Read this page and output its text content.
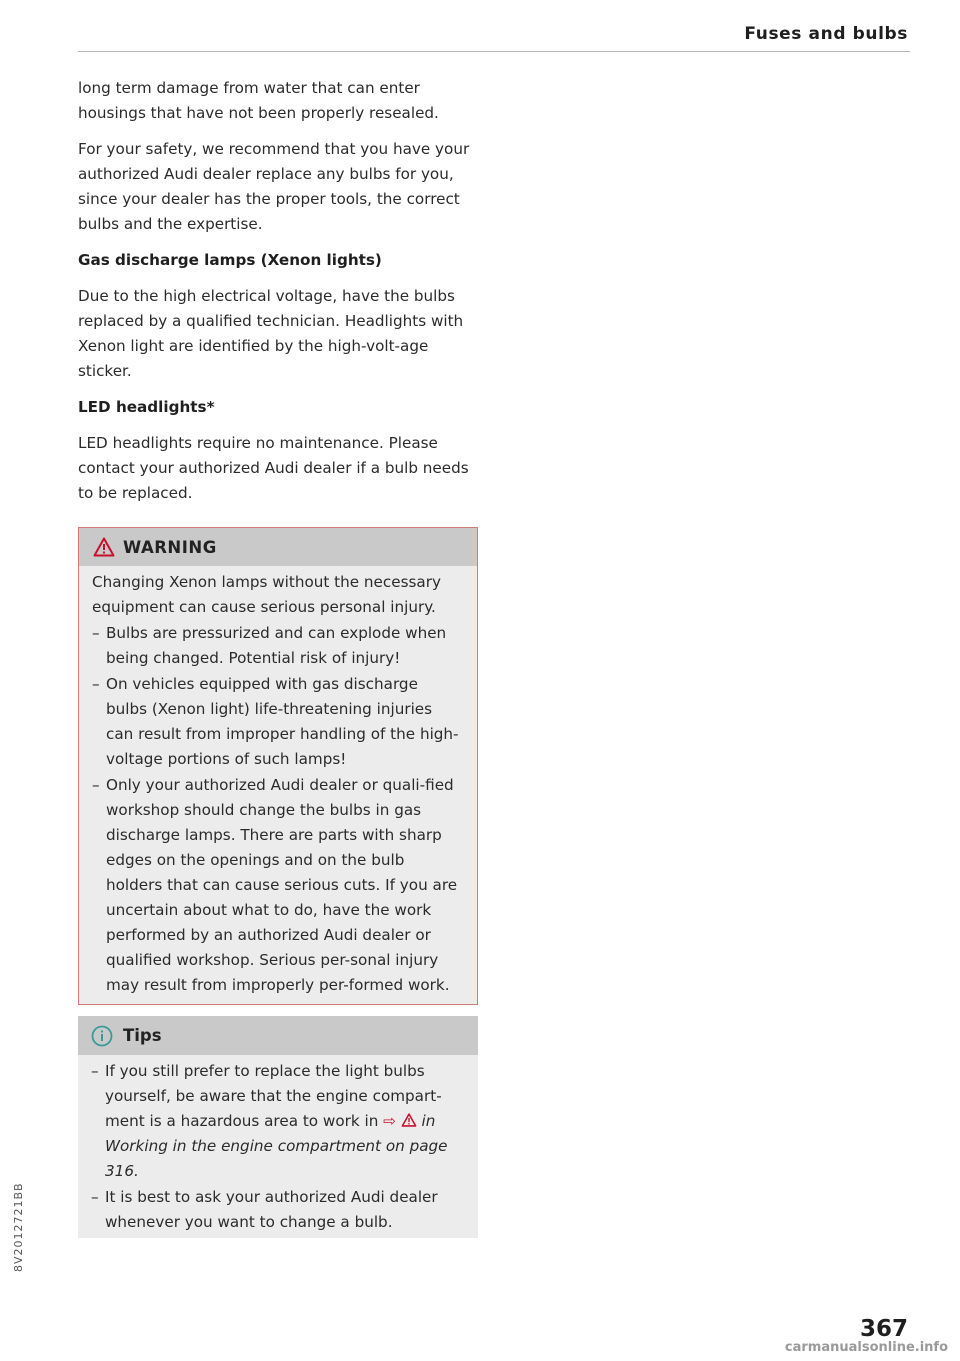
Fuses and bulbs

long term damage from water that can enter housings that have not been properly resealed.

For your safety, we recommend that you have your authorized Audi dealer replace any bulbs for you, since your dealer has the proper tools, the correct bulbs and the expertise.

Gas discharge lamps (Xenon lights)

Due to the high electrical voltage, have the bulbs replaced by a qualified technician. Headlights with Xenon light are identified by the high-volt-age sticker.

LED headlights*

LED headlights require no maintenance. Please contact your authorized Audi dealer if a bulb needs to be replaced.

WARNING

Changing Xenon lamps without the necessary equipment can cause serious personal injury.

– Bulbs are pressurized and can explode when being changed. Potential risk of injury!
– On vehicles equipped with gas discharge bulbs (Xenon light) life-threatening injuries can result from improper handling of the high-voltage portions of such lamps!
– Only your authorized Audi dealer or quali-fied workshop should change the bulbs in gas discharge lamps. There are parts with sharp edges on the openings and on the bulb holders that can cause serious cuts. If you are uncertain about what to do, have the work performed by an authorized Audi dealer or qualified workshop. Serious per-sonal injury may result from improperly per-formed work.
Tips
– If you still prefer to replace the light bulbs yourself, be aware that the engine compart-ment is a hazardous area to work in ⇨ in Working in the engine compartment on page 316.
– It is best to ask your authorized Audi dealer whenever you want to change a bulb.
8V2012721BB
367
carmanualsonline.info
